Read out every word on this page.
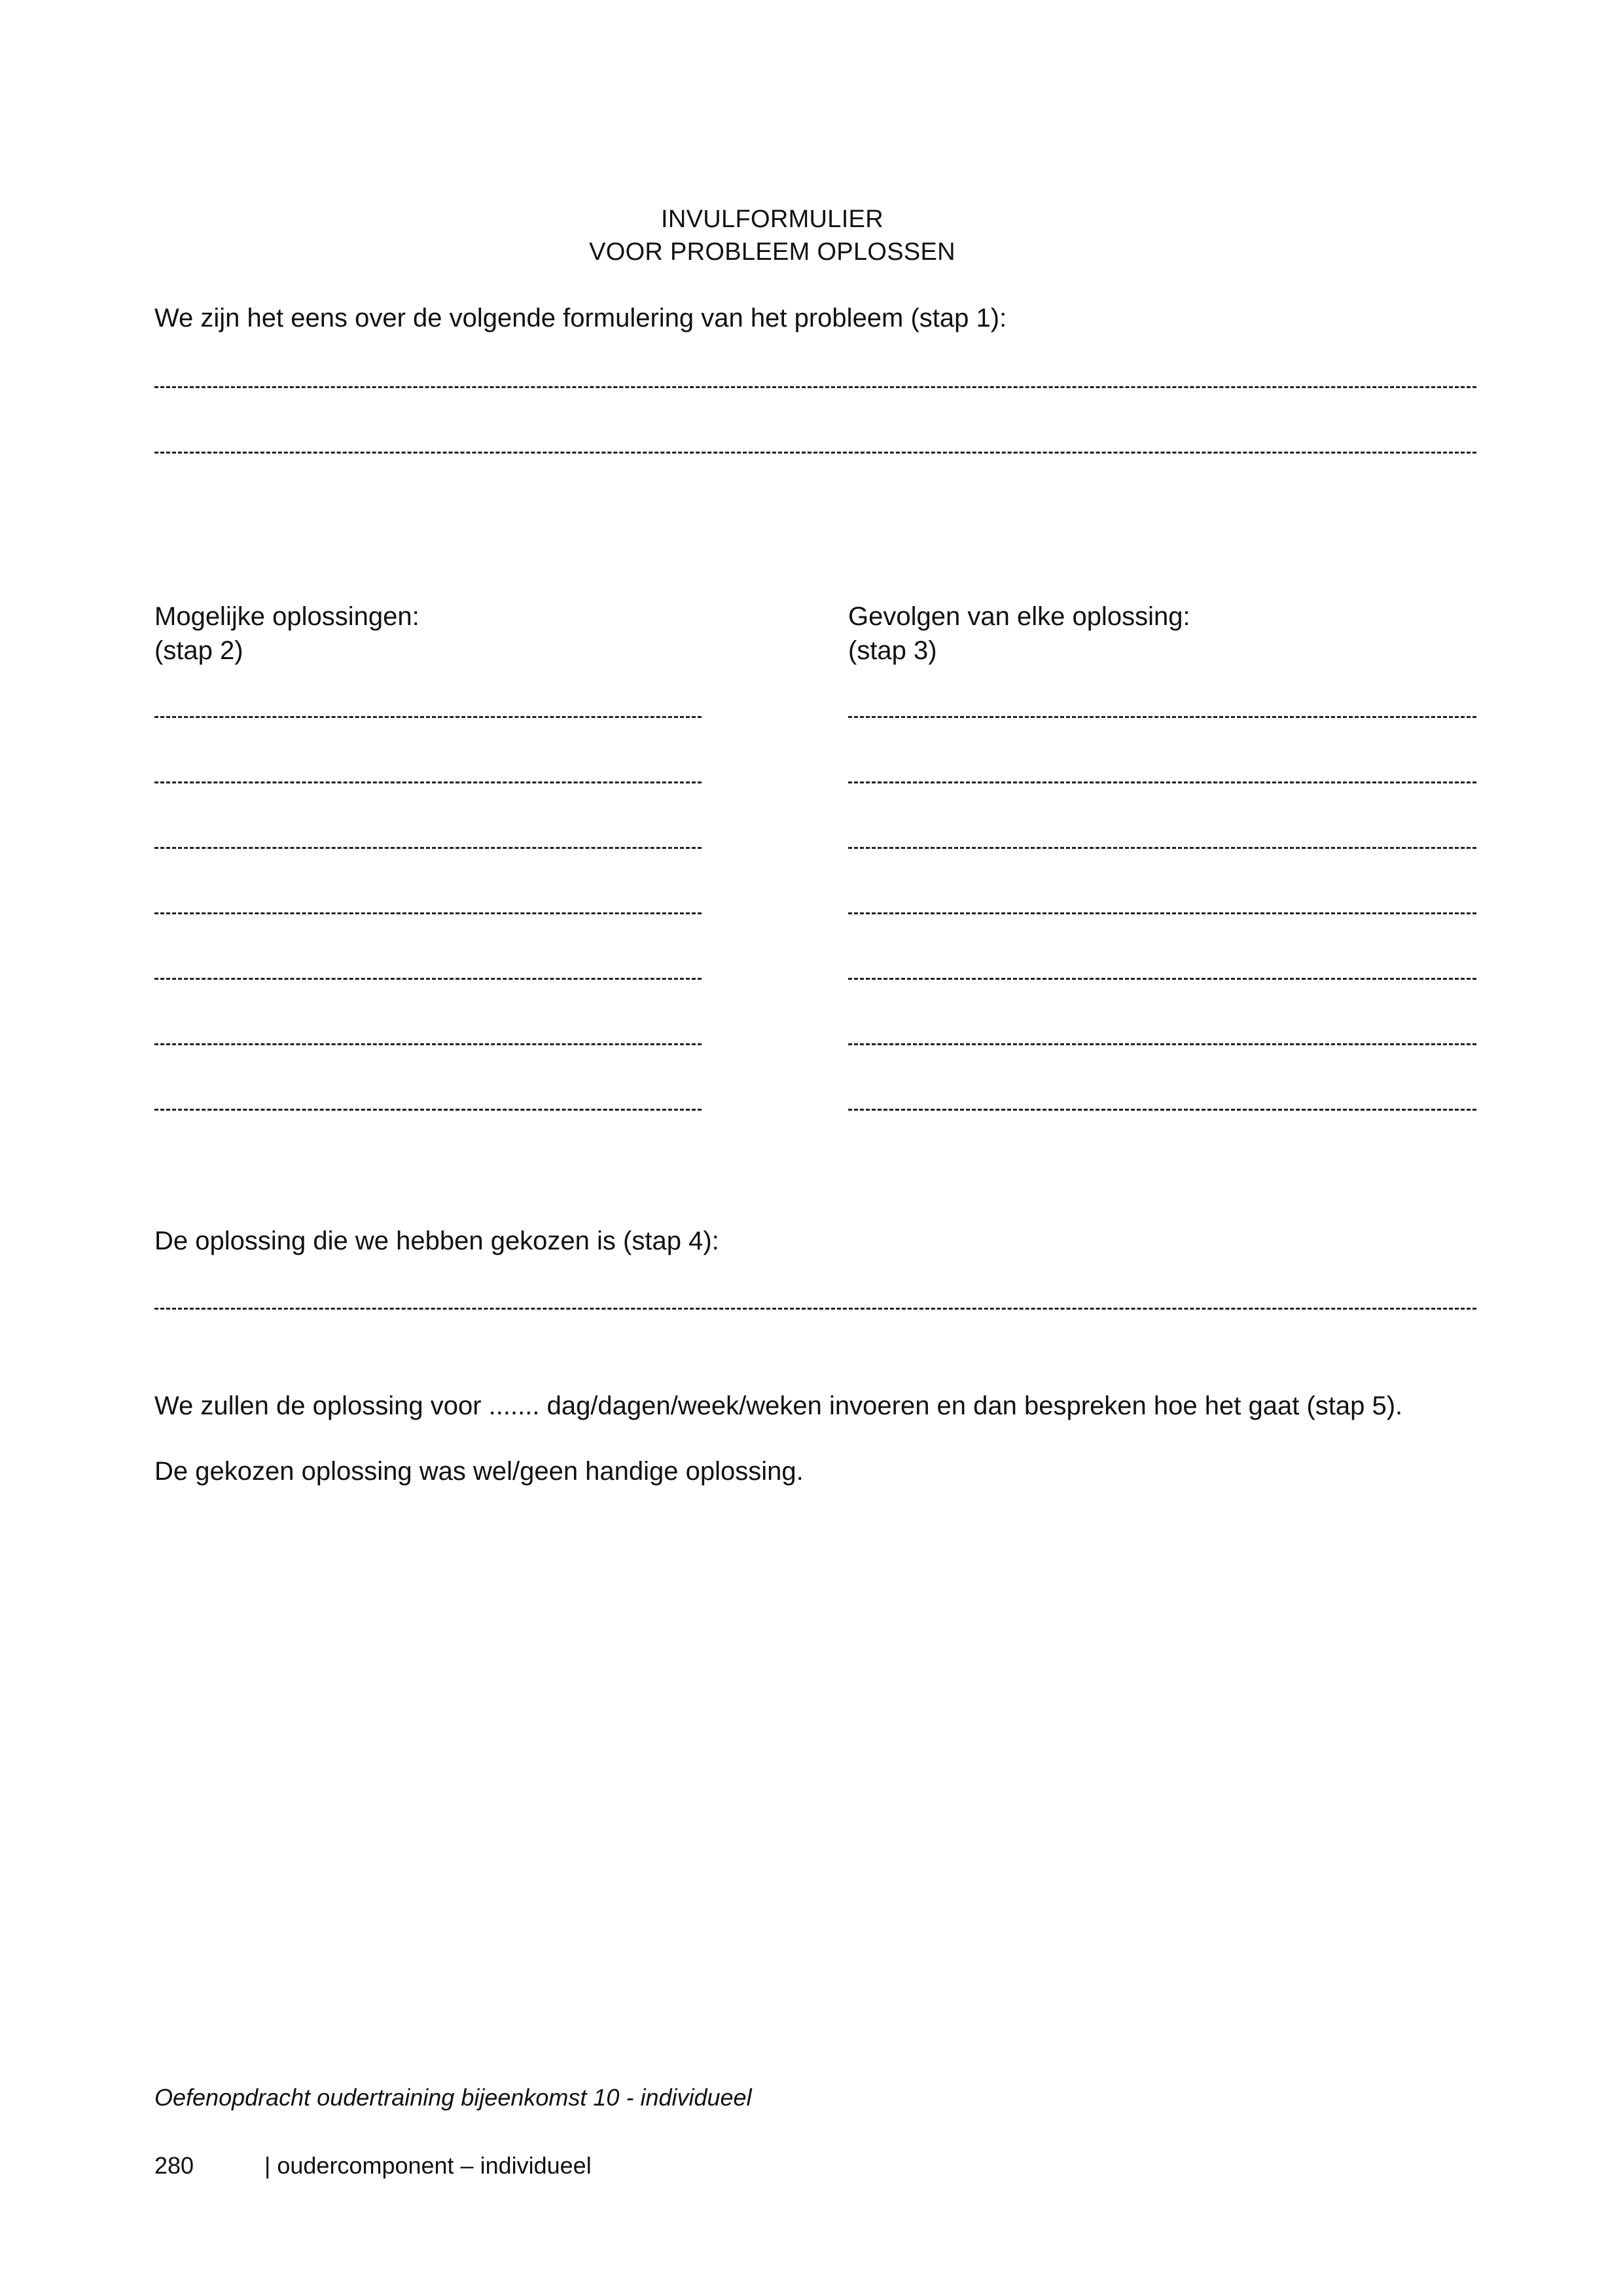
INVULFORMULIER
VOOR PROBLEEM OPLOSSEN
We zijn het eens over de volgende formulering van het probleem (stap 1):
Mogelijke oplossingen:
(stap 2)
Gevolgen van elke oplossing:
(stap 3)
De oplossing die we hebben gekozen is (stap 4):
We zullen de oplossing voor ....... dag/dagen/week/weken invoeren en dan bespreken hoe het gaat (stap 5).
De gekozen oplossing was wel/geen handige oplossing.
Oefenopdracht oudertraining bijeenkomst 10 - individueel
280	| oudercomponent – individueel
